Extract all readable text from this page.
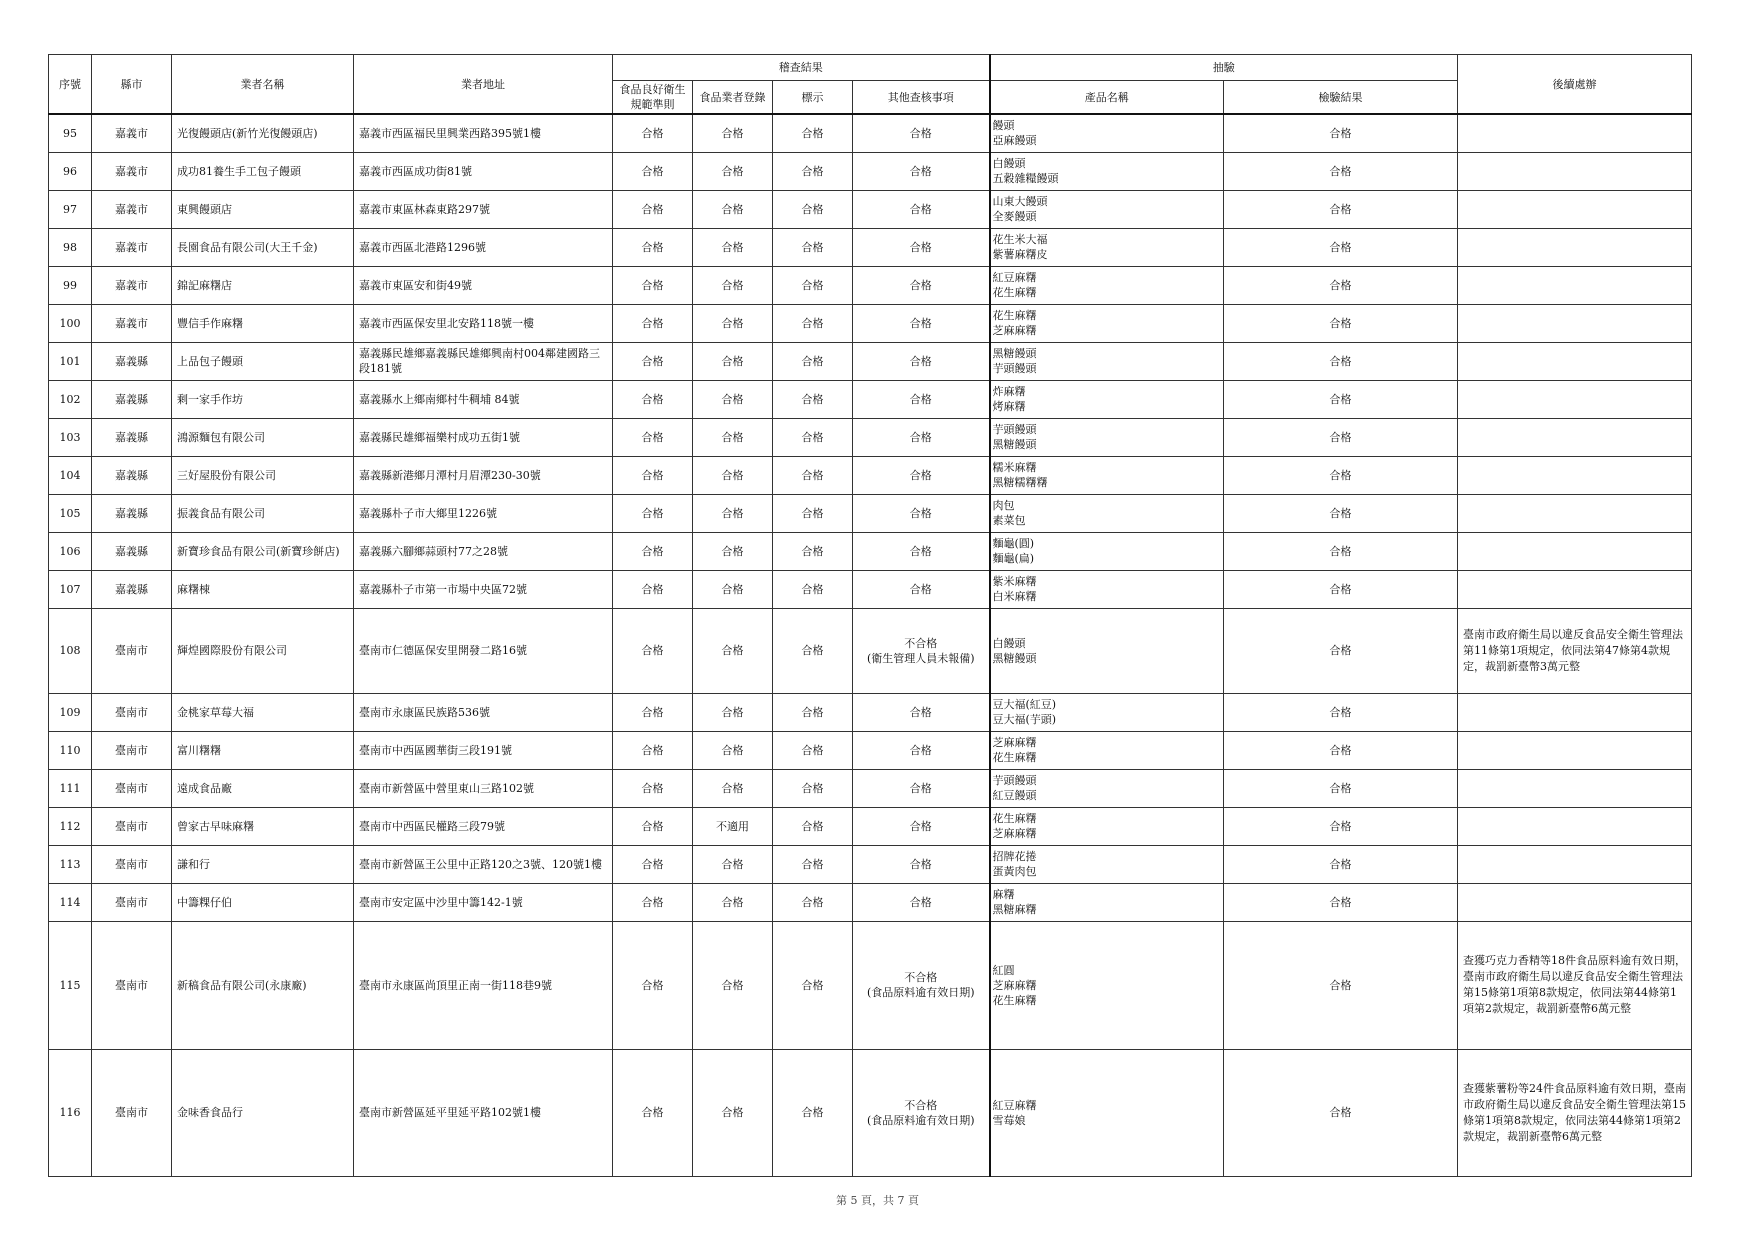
序號	縣市	業者名稱	業者地址	稽查結果				抽驗		後續處辦
				食品良好衛生規範準則	食品業者登錄	標示	其他查核事項	產品名稱	檢驗結果	
95	嘉義市	光復饅頭店(新竹光復饅頭店)	嘉義市西區福民里興業西路395號1樓	合格	合格	合格	合格	饅頭
亞麻饅頭	合格	
96	嘉義市	成功81養生手工包子饅頭	嘉義市西區成功街81號	合格	合格	合格	合格	白饅頭
五穀雜糧饅頭	合格	
97	嘉義市	東興饅頭店	嘉義市東區林森東路297號	合格	合格	合格	合格	山東大饅頭
全麥饅頭	合格	
98	嘉義市	長園食品有限公司(大王千金)	嘉義市西區北港路1296號	合格	合格	合格	合格	花生米大福
紫薯麻糬皮	合格	
99	嘉義市	錦記麻糬店	嘉義市東區安和街49號	合格	合格	合格	合格	紅豆麻糬
花生麻糬	合格	
100	嘉義市	豐信手作麻糬	嘉義市西區保安里北安路118號一樓	合格	合格	合格	合格	花生麻糬
芝麻麻糬	合格	
101	嘉義縣	上品包子饅頭	嘉義縣民雄鄉嘉義縣民雄鄉興南村004鄰建國路三段181號	合格	合格	合格	合格	黑糖饅頭
芋頭饅頭	合格	
102	嘉義縣	剩一家手作坊	嘉義縣水上鄉南鄉村牛稠埔 84號	合格	合格	合格	合格	炸麻糬
烤麻糬	合格	
103	嘉義縣	鴻源麵包有限公司	嘉義縣民雄鄉福樂村成功五街1號	合格	合格	合格	合格	芋頭饅頭
黑糖饅頭	合格	
104	嘉義縣	三好屋股份有限公司	嘉義縣新港鄉月潭村月眉潭230-30號	合格	合格	合格	合格	糯米麻糬
黑糖糯糬糬	合格	
105	嘉義縣	振義食品有限公司	嘉義縣朴子市大鄉里1226號	合格	合格	合格	合格	肉包
素菜包	合格	
106	嘉義縣	新寶珍食品有限公司(新寶珍餅店)	嘉義縣六腳鄉蒜頭村77之28號	合格	合格	合格	合格	麵龜(圓)
麵龜(扁)	合格	
107	嘉義縣	麻糬棟	嘉義縣朴子市第一市場中央區72號	合格	合格	合格	合格	紫米麻糬
白米麻糬	合格	
108	臺南市	輝煌國際股份有限公司	臺南市仁德區保安里開發二路16號	合格	合格	合格	不合格
(衛生管理人員未報備)	白饅頭
黑糖饅頭	合格	臺南市政府衛生局以違反食品安全衛生管理法第11條第1項規定，依同法第47條第4款規定，裁罰新臺幣3萬元整
109	臺南市	金桃家草莓大福	臺南市永康區民族路536號	合格	合格	合格	合格	豆大福(紅豆)
豆大福(芋頭)	合格	
110	臺南市	富川糬糬	臺南市中西區國華街三段191號	合格	合格	合格	合格	芝麻麻糬
花生麻糬	合格	
111	臺南市	遠成食品廠	臺南市新營區中營里東山三路102號	合格	合格	合格	合格	芋頭饅頭
紅豆饅頭	合格	
112	臺南市	曾家古早味麻糬	臺南市中西區民權路三段79號	合格	不適用	合格	合格	花生麻糬
芝麻麻糬	合格	
113	臺南市	謙和行	臺南市新營區王公里中正路120之3號、120號1樓	合格	合格	合格	合格	招牌花捲
蛋黃肉包	合格	
114	臺南市	中籌粿仔伯	臺南市安定區中沙里中籌142-1號	合格	合格	合格	合格	麻糬
黑糖麻糬	合格	
115	臺南市	新稿食品有限公司(永康廠)	臺南市永康區尚頂里正南一街118巷9號	合格	合格	合格	不合格
(食品原料逾有效日期)	紅圓
芝麻麻糬
花生麻糬	合格	查獲巧克力香精等18件食品原料逾有效日期，臺南市政府衛生局以違反食品安全衛生管理法第15條第1項第8款規定，依同法第44條第1項第2款規定，裁罰新臺幣6萬元整
116	臺南市	金味香食品行	臺南市新營區延平里延平路102號1樓	合格	合格	合格	不合格
(食品原料逾有效日期)	紅豆麻糬
雪莓娘	合格	查獲紫薯粉等24件食品原料逾有效日期，臺南市政府衛生局以違反食品安全衛生管理法第15條第1項第8款規定，依同法第44條第1項第2款規定，裁罰新臺幣6萬元整
第 5 頁，共 7 頁
